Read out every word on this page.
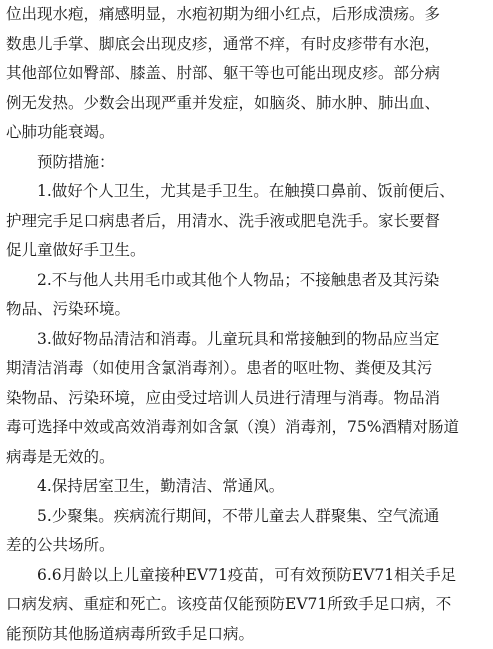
位出现水疱，痛感明显，水疱初期为细小红点，后形成溃疡。多
数患儿手掌、脚底会出现皮疹，通常不痒，有时皮疹带有水泡，
其他部位如臀部、膝盖、肘部、躯干等也可能出现皮疹。部分病
例无发热。少数会出现严重并发症，如脑炎、肺水肿、肺出血、
心肺功能衰竭。

预防措施：

1.做好个人卫生，尤其是手卫生。在触摸口鼻前、饭前便后、
护理完手足口病患者后，用清水、洗手液或肥皂洗手。家长要督
促儿童做好手卫生。

2.不与他人共用毛巾或其他个人物品；不接触患者及其污染
物品、污染环境。

3.做好物品清洁和消毒。儿童玩具和常接触到的物品应当定
期清洁消毒（如使用含氯消毒剂）。患者的呕吐物、粪便及其污
染物品、污染环境，应由受过培训人员进行清理与消毒。物品消
毒可选择中效或高效消毒剂如含氯（溴）消毒剂，75%酒精对肠道
病毒是无效的。

4.保持居室卫生，勤清洁、常通风。

5.少聚集。疾病流行期间，不带儿童去人群聚集、空气流通
差的公共场所。

6.6月龄以上儿童接种EV71疫苗，可有效预防EV71相关手足
口病发病、重症和死亡。该疫苗仅能预防EV71所致手足口病，不
能预防其他肠道病毒所致手足口病。
